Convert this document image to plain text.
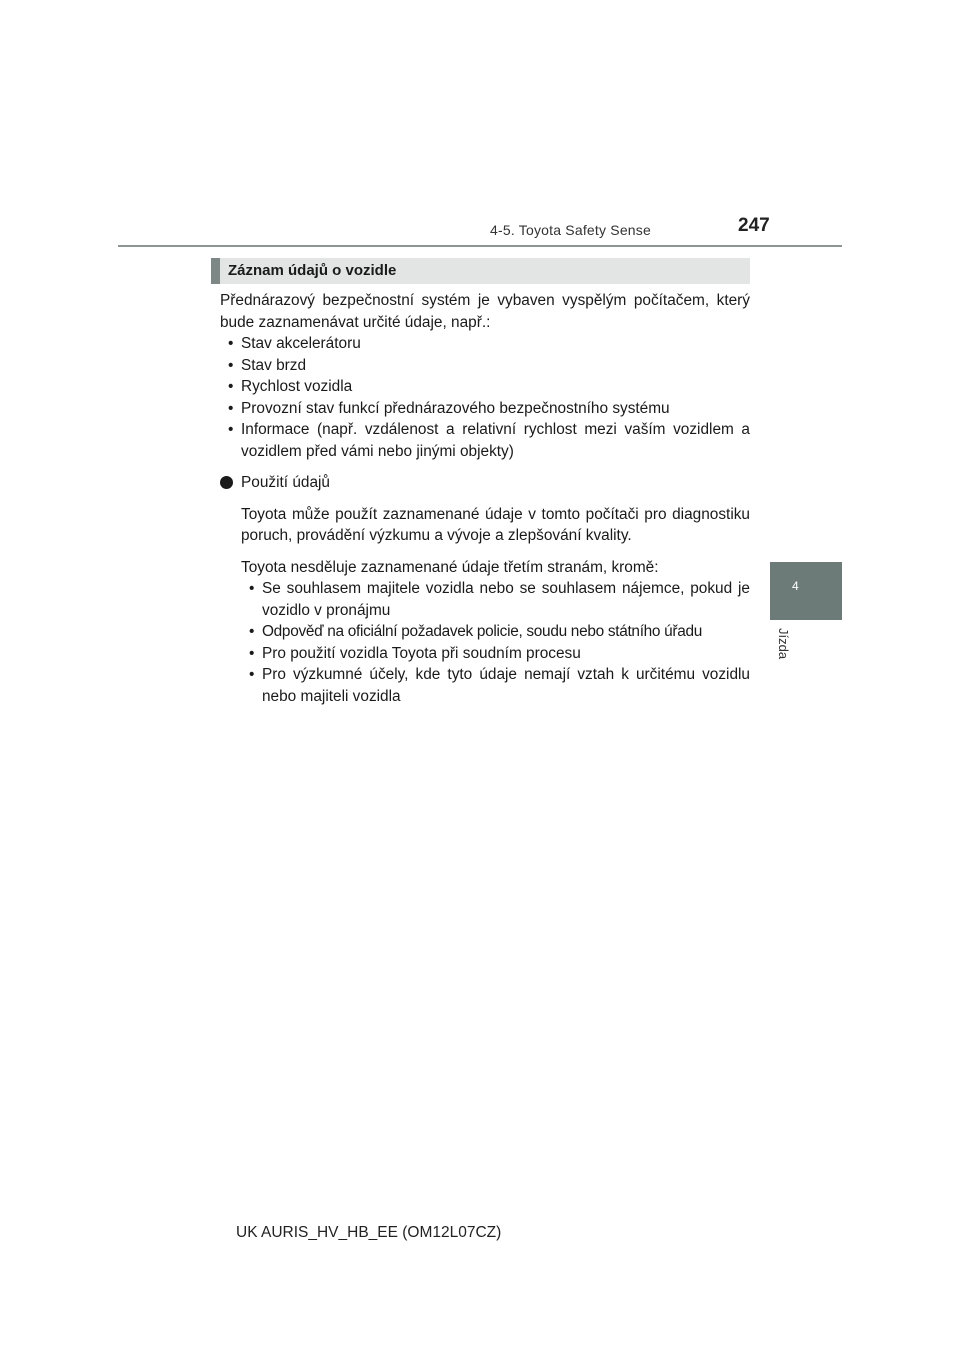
4-5. Toyota Safety Sense	247
4
Jízda
Záznam údajů o vozidle

Přednárazový bezpečnostní systém je vybaven vyspělým počítačem, který bude zaznamenávat určité údaje, např.:

• Stav akcelerátoru
• Stav brzd
• Rychlost vozidla
• Provozní stav funkcí přednárazového bezpečnostního systému
• Informace (např. vzdálenost a relativní rychlost mezi vaším vozidlem a vozidlem před vámi nebo jinými objekty)

Použití údajů

Toyota může použít zaznamenané údaje v tomto počítači pro diagnostiku poruch, provádění výzkumu a vývoje a zlepšování kvality.

Toyota nesděluje zaznamenané údaje třetím stranám, kromě:

• Se souhlasem majitele vozidla nebo se souhlasem nájemce, pokud je vozidlo v pronájmu
• Odpověď na oficiální požadavek policie, soudu nebo státního úřadu
• Pro použití vozidla Toyota při soudním procesu
• Pro výzkumné účely, kde tyto údaje nemají vztah k určitému vozidlu nebo majiteli vozidla
UK AURIS_HV_HB_EE (OM12L07CZ)
